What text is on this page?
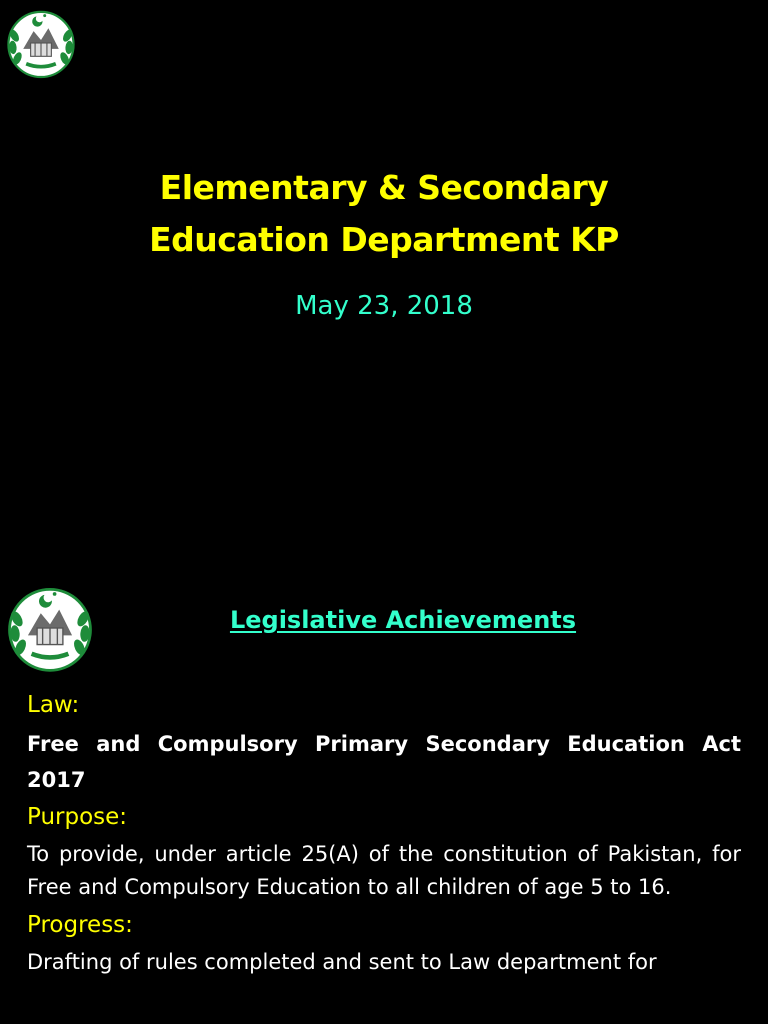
Elementary & Secondary
Education Department KP
May 23, 2018
Legislative Achievements

Law:

Free and Compulsory Primary Secondary Education Act 2017

Purpose:

To provide, under article 25(A) of the constitution of Pakistan, for Free and Compulsory Education to all children of age 5 to 16.

Progress:

Drafting of rules completed and sent to Law department for
